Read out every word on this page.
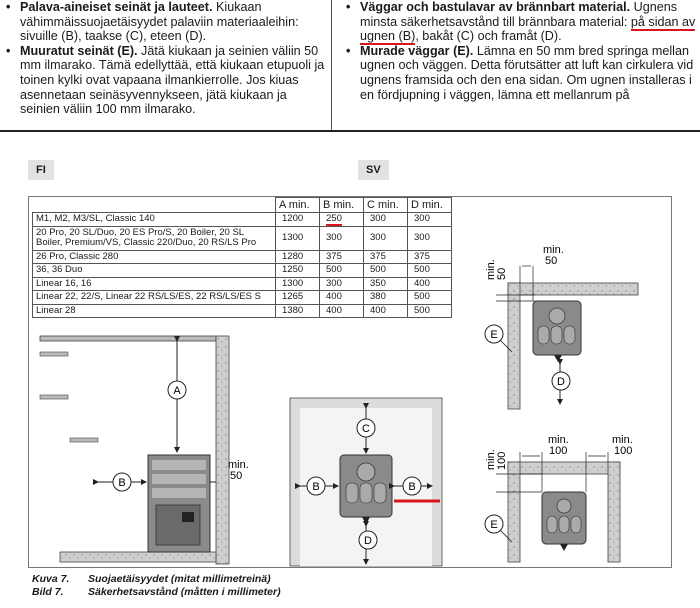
• Palava-aineiset seinät ja lauteet. Kiukaan vähimmäissuojaetäisyydet palaviin materiaaleihin: sivuille (B), taakse (C), eteen (D).
• Muuratut seinät (E). Jätä kiukaan ja seinien väliin 50 mm ilmarako. Tämä edellyttää, että kiukaan etupuoli ja toinen kylki ovat vapaana ilmankierrolle. Jos kiuas asennetaan seinäsyvennykseen, jätä kiukaan ja seinien väliin 100 mm ilmarako.
• Väggar och bastulavar av brännbart material. Ugnens minsta säkerhetsavstånd till brännbara material: på sidan av ugnen (B), bakåt (C) och framåt (D).
• Murade väggar (E). Lämna en 50 mm bred springa mellan ugnen och väggen. Detta förutsätter att luft kan cirkulera vid ugnens framsida och den ena sidan. Om ugnen installeras i en fördjupning i väggen, lämna ett mellanrum på
FI	SV
	A min.	B min.	C min.	D min.
M1, M2, M3/SL, Classic 140	1200	250	300	300
20 Pro, 20 SL/Duo, 20 ES Pro/S, 20 Boiler, 20 SL Boiler, Premium/VS, Classic 220/Duo, 20 RS/LS Pro	1300	300	300	300
26 Pro, Classic 280	1280	375	375	375
36, 36 Duo	1250	500	500	500
Linear 16, 16	1300	300	350	400
Linear 22, 22/S, Linear 22 RS/LS/ES, 22 RS/LS/ES S	1265	400	380	500
Linear 28	1380	400	400	500
A
B
min.
50
C
B	B
D
min.
50
min. 50
E
D
min.
100
min.
100
min. 100
E
Kuva 7. Suojaetäisyydet (mitat millimetreinä)
Bild 7. Säkerhetsavstånd (måtten i millimeter)
